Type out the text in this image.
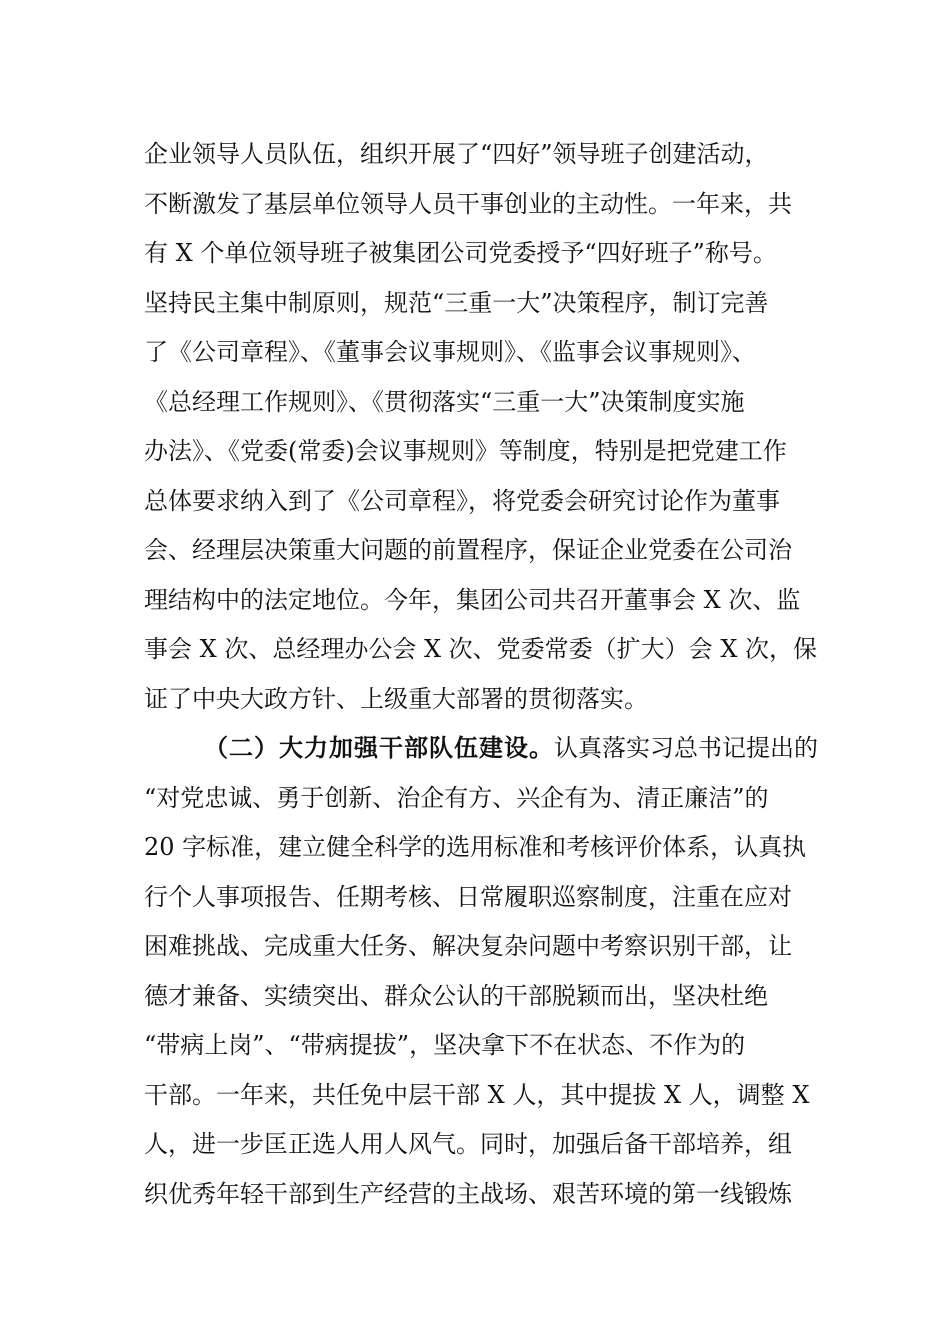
企业领导人员队伍，组织开展了“四好”领导班子创建活动，
不断激发了基层单位领导人员干事创业的主动性。一年来，共
有 X 个单位领导班子被集团公司党委授予“四好班子”称号。
坚持民主集中制原则，规范“三重一大”决策程序，制订完善
了《公司章程》、《董事会议事规则》、《监事会议事规则》、
《总经理工作规则》、《贯彻落实“三重一大”决策制度实施
办法》、《党委(常委)会议事规则》等制度，特别是把党建工作
总体要求纳入到了《公司章程》，将党委会研究讨论作为董事
会、经理层决策重大问题的前置程序，保证企业党委在公司治
理结构中的法定地位。今年，集团公司共召开董事会 X 次、监
事会 X 次、总经理办公会 X 次、党委常委（扩大）会 X 次，保
证了中央大政方针、上级重大部署的贯彻落实。
（二）大力加强干部队伍建设。认真落实习总书记提出的
“对党忠诚、勇于创新、治企有方、兴企有为、清正廉洁”的
20 字标准，建立健全科学的选用标准和考核评价体系，认真执
行个人事项报告、任期考核、日常履职巡察制度，注重在应对
困难挑战、完成重大任务、解决复杂问题中考察识别干部，让
德才兼备、实绩突出、群众公认的干部脱颖而出，坚决杜绝
“带病上岗”、“带病提拔”，坚决拿下不在状态、不作为的
干部。一年来，共任免中层干部 X 人，其中提拔 X 人，调整 X
人，进一步匡正选人用人风气。同时，加强后备干部培养，组
织优秀年轻干部到生产经营的主战场、艰苦环境的第一线锻炼
